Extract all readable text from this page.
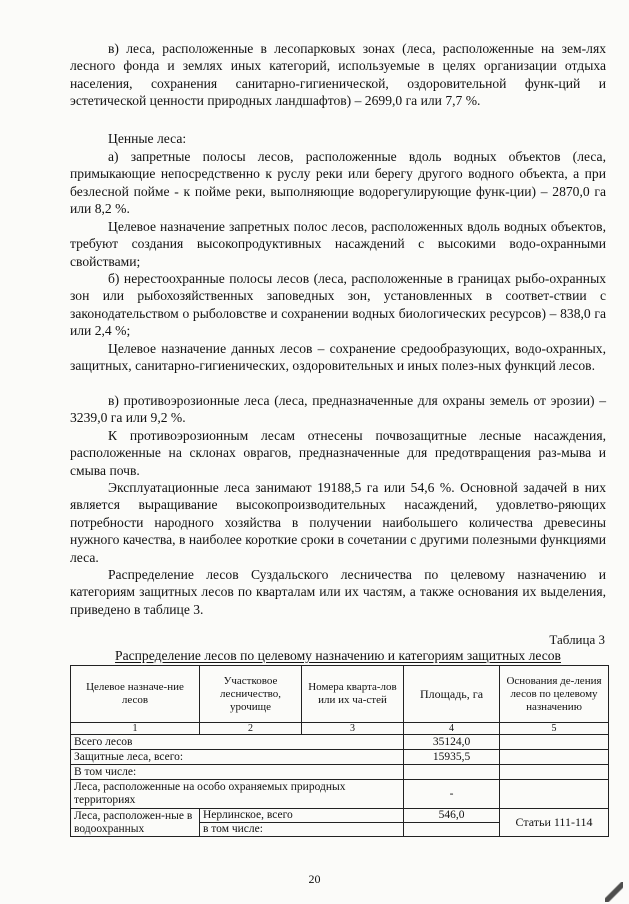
в) леса, расположенные в лесопарковых зонах (леса, расположенные на зем-лях лесного фонда и землях иных категорий, используемые в целях организации отдыха населения, сохранения санитарно-гигиенической, оздоровительной функ-ций и эстетической ценности природных ландшафтов) – 2699,0 га или 7,7 %.

Ценные леса:

а) запретные полосы лесов, расположенные вдоль водных объектов (леса, примыкающие непосредственно к руслу реки или берегу другого водного объекта, а при безлесной пойме - к пойме реки, выполняющие водорегулирующие функ-ции) – 2870,0 га или 8,2 %.

Целевое назначение запретных полос лесов, расположенных вдоль водных объектов, требуют создания высокопродуктивных насаждений с высокими водо-охранными свойствами;

б) нерестоохранные полосы лесов (леса, расположенные в границах рыбо-охранных зон или рыбохозяйственных заповедных зон, установленных в соответ-ствии с законодательством о рыболовстве и сохранении водных биологических ресурсов) – 838,0 га или 2,4 %;

Целевое назначение данных лесов – сохранение средообразующих, водо-охранных, защитных, санитарно-гигиенических, оздоровительных и иных полез-ных функций лесов.

в) противоэрозионные леса (леса, предназначенные для охраны земель от эрозии) – 3239,0 га или 9,2 %.

К противоэрозионным лесам отнесены почвозащитные лесные насаждения, расположенные на склонах оврагов, предназначенные для предотвращения раз-мыва и смыва почв.

Эксплуатационные леса занимают 19188,5 га или 54,6 %. Основной задачей в них является выращивание высокопроизводительных насаждений, удовлетво-ряющих потребности народного хозяйства в получении наибольшего количества древесины нужного качества, в наиболее короткие сроки в сочетании с другими полезными функциями леса.

Распределение лесов Суздальского лесничества по целевому назначению и категориям защитных лесов по кварталам или их частям, а также основания их выделения, приведено в таблице 3.

Таблица 3

Распределение лесов по целевому назначению и категориям защитных лесов

Целевое назначе-ние лесов	Участковое лесничество, урочище	Номера кварта-лов или их ча-стей	Площадь, га	Основания де-ления лесов по целевому назначению
1	2	3	4	5
Всего лесов			35124,0	
Защитные леса, всего:			15935,5	
В том числе:				
Леса, расположенные на особо охраняемых природных территориях			-	
Леса, расположен-ные в водоохранных	Нерлинское, всего		546,0	Статьи 111-114
	в том числе:			

20
